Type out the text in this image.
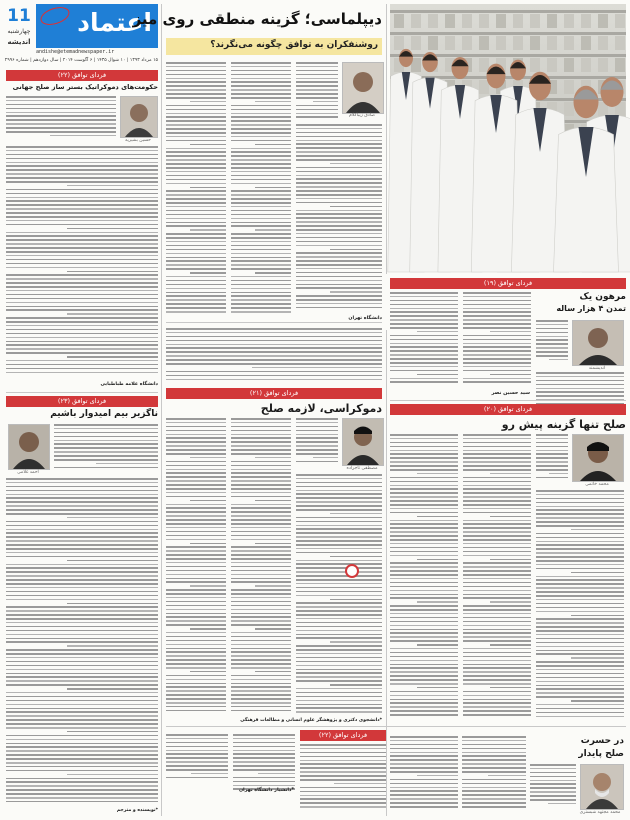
11
چهارشنبه
اندیشه
اعتماد
andishe@etemadnewspaper.ir
۱۵ مرداد ۱۳۹۳ | ۱۰ شوال ۱۴۳۵ | ۶ آگوست ۲۰۱۴ | سال دوازدهم | شماره ۲۹۹۶
فردای توافق (۲۲)
حکومت‌های دموکراتیک بستر ساز صلح جهانی
حسین بشیریه
دانشگاه علامه طباطبایی
فردای توافق (۲۳)
ناگزیر بیم امیدوار باشیم
احمد غلامی
*نویسنده و مترجم
دیپلماسی؛ گزینه منطقی روی میز
روشنفکران به توافق چگونه می‌نگرند؟
صادق زیباکلام
فردای توافق (۱۹)
مرهون یک
تمدن ۴ هزار ساله
اندیشمند
سید حسین نصر
دانشگاه تهران
فردای توافق (۲۰)
صلح تنها گزینه پیش رو
محمد خاتمی
فردای توافق (۲۱)
دموکراسی، لازمه صلح
مصطفی تاجزاده
*دانشجوی دکتری و پژوهشگر علوم انسانی و مطالعات فرهنگی
فردای توافق (۲۲)
در حسرت
صلح پایدار
محمد مجتهد شبستری
*دانشیار دانشگاه تهران
